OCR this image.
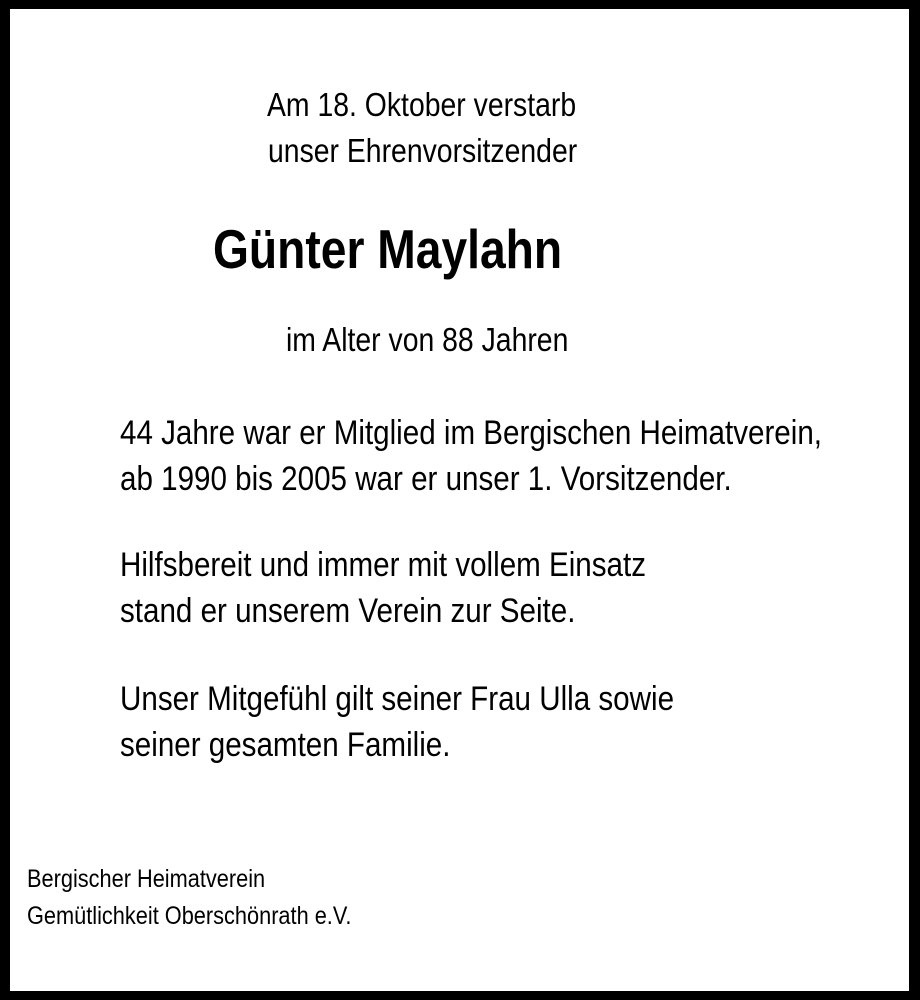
Am 18. Oktober verstarb
unser Ehrenvorsitzender
Günter Maylahn
im Alter von 88 Jahren
44 Jahre war er Mitglied im Bergischen Heimatverein,
ab 1990 bis 2005 war er unser 1. Vorsitzender.
Hilfsbereit und immer mit vollem Einsatz
stand er unserem Verein zur Seite.
Unser Mitgefühl gilt seiner Frau Ulla sowie
seiner gesamten Familie.
Bergischer Heimatverein
Gemütlichkeit Oberschönrath e.V.
